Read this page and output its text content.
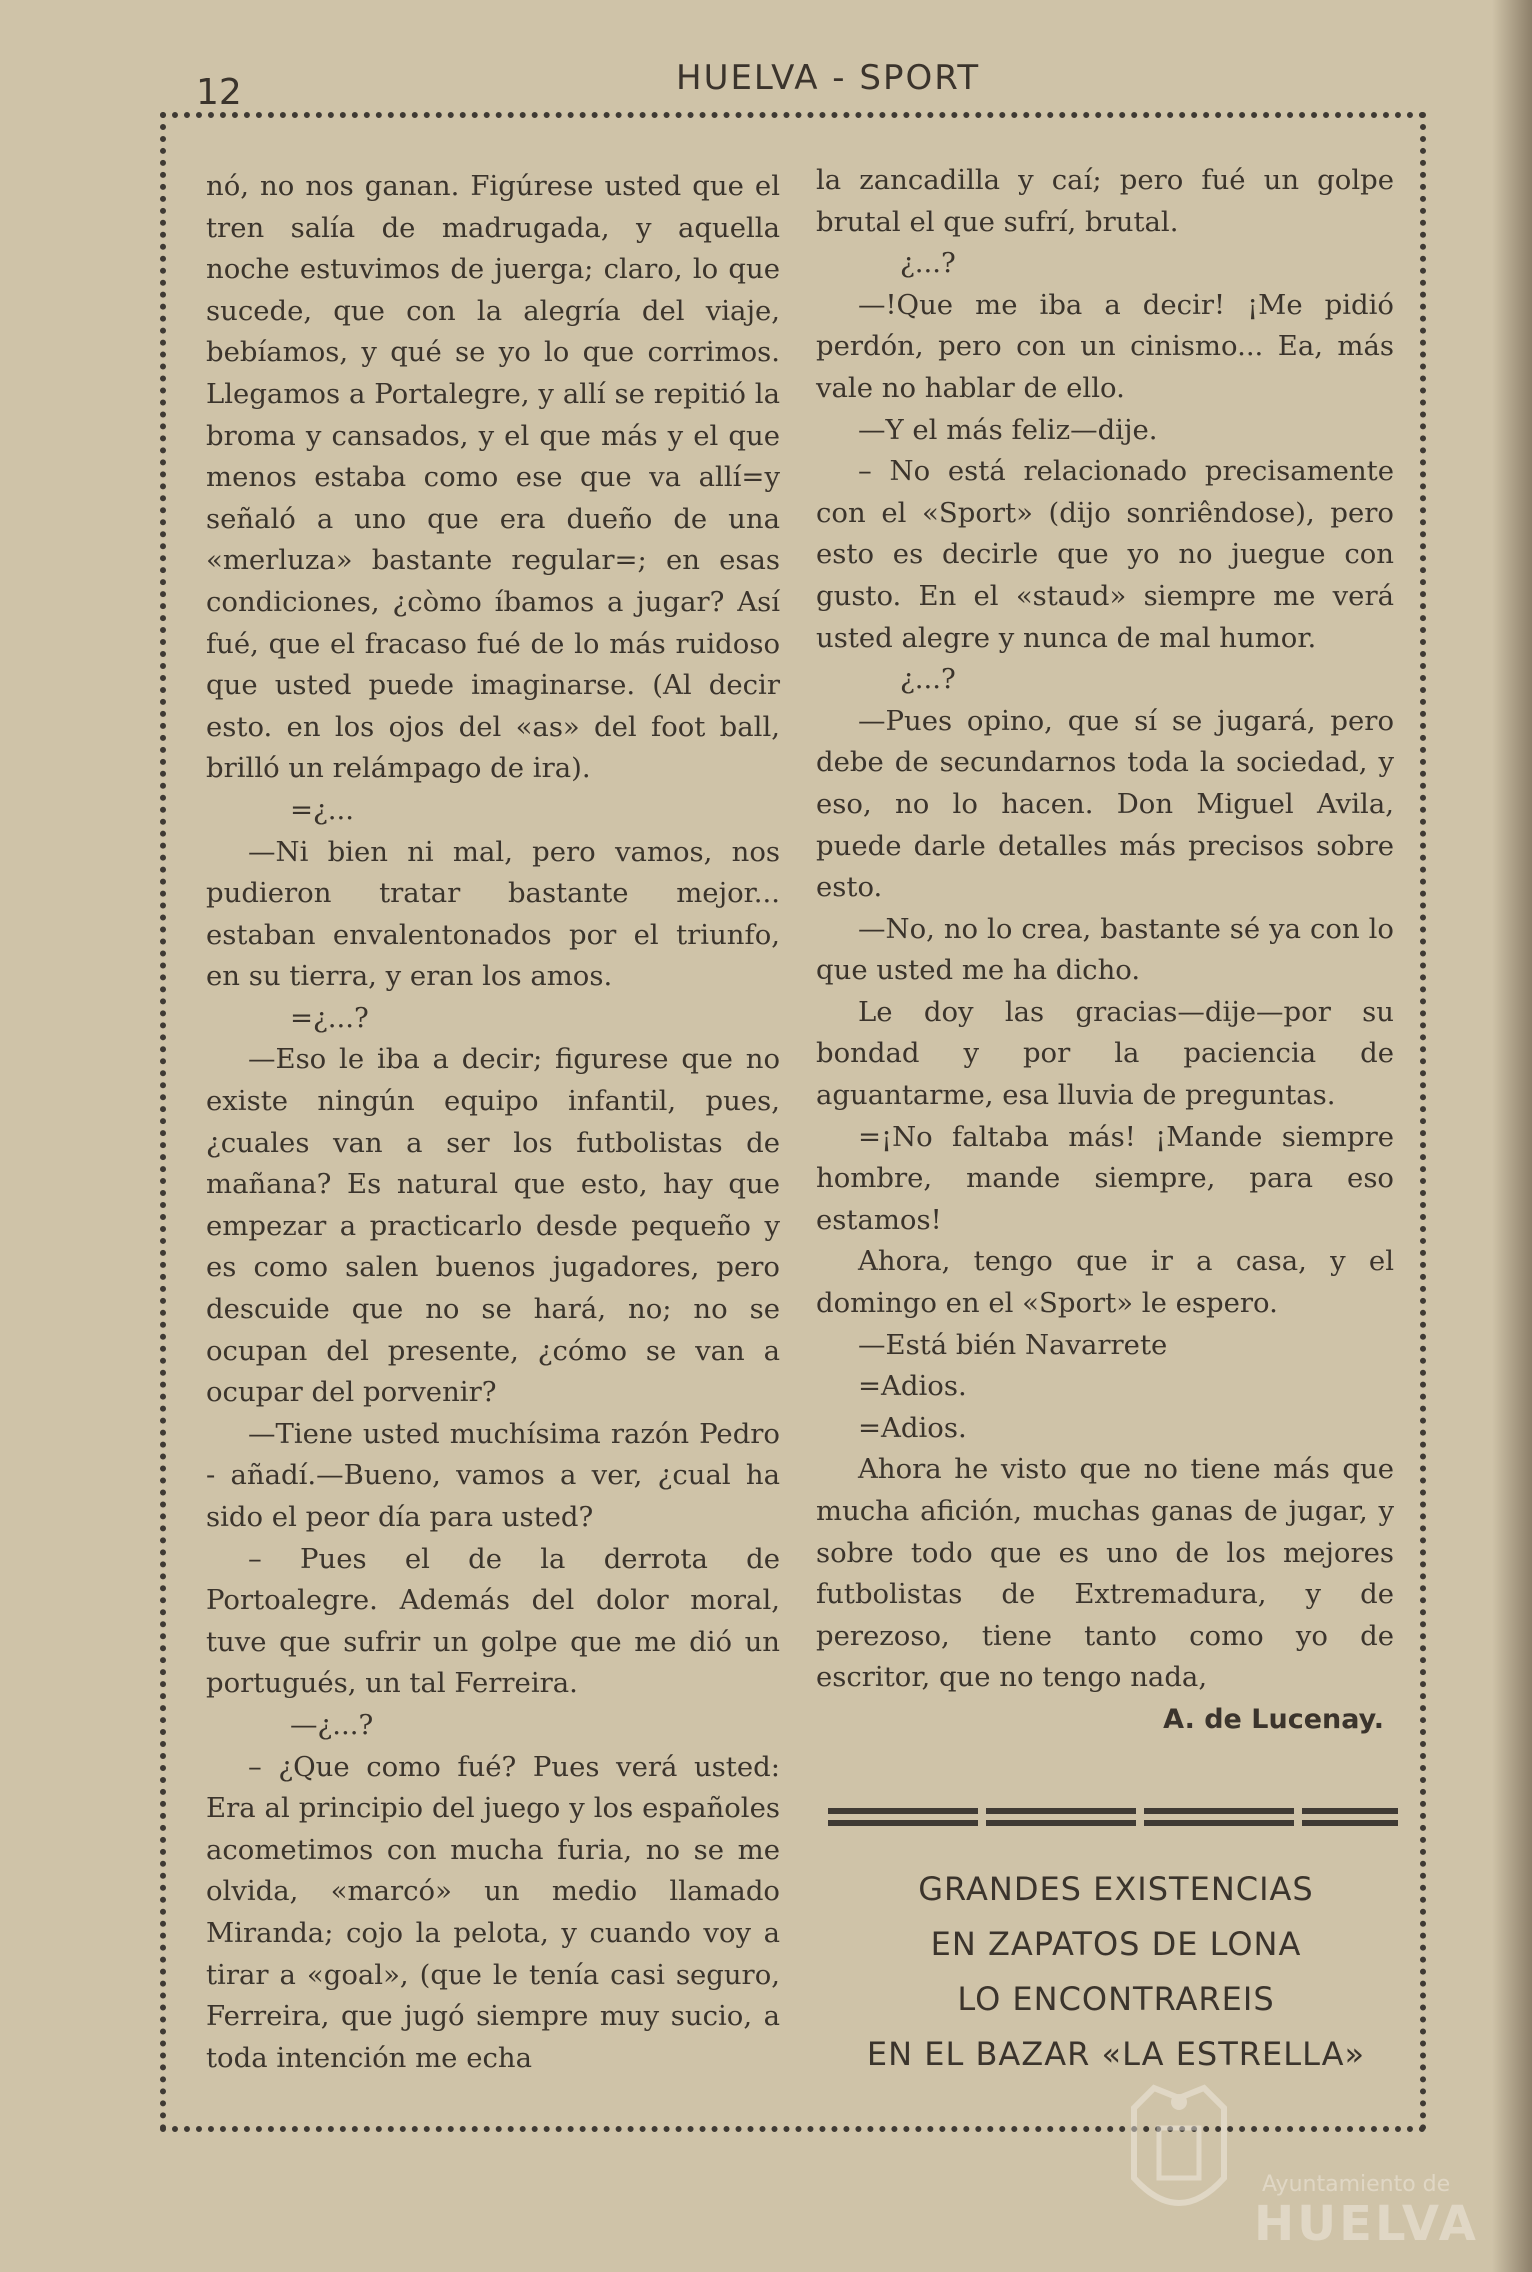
12	HUELVA - SPORT

nó, no nos ganan. Figúrese usted que el tren salía de madrugada, y aquella noche estuvimos de juerga; claro, lo que sucede, que con la alegría del viaje, bebíamos, y qué se yo lo que corrimos. Llegamos a Portalegre, y allí se repitió la broma y cansados, y el que más y el que menos estaba como ese que va allí=y señaló a uno que era dueño de una «merluza» bastante regular=; en esas condiciones, ¿còmo íbamos a jugar? Así fué, que el fracaso fué de lo más ruidoso que usted puede imaginarse. (Al decir esto. en los ojos del «as» del foot ball, brilló un relámpago de ira).

=¿...

—Ni bien ni mal, pero vamos, nos pudieron tratar bastante mejor... estaban envalentonados por el triunfo, en su tierra, y eran los amos.

=¿...?

—Eso le iba a decir; figurese que no existe ningún equipo infantil, pues, ¿cuales van a ser los futbolistas de mañana? Es natural que esto, hay que empezar a practicarlo desde pequeño y es como salen buenos jugadores, pero descuide que no se hará, no; no se ocupan del presente, ¿cómo se van a ocupar del porvenir?

—Tiene usted muchísima razón Pedro - añadí.—Bueno, vamos a ver, ¿cual ha sido el peor día para usted?

– Pues el de la derrota de Portoalegre. Además del dolor moral, tuve que sufrir un golpe que me dió un portugués, un tal Ferreira.

—¿...?

– ¿Que como fué? Pues verá usted: Era al principio del juego y los españoles acometimos con mucha furia, no se me olvida, «marcó» un medio llamado Miranda; cojo la pelota, y cuando voy a tirar a «goal», (que le tenía casi seguro, Ferreira, que jugó siempre muy sucio, a toda intención me echa

la zancadilla y caí; pero fué un golpe brutal el que sufrí, brutal.

¿...?

—!Que me iba a decir! ¡Me pidió perdón, pero con un cinismo... Ea, más vale no hablar de ello.

—Y el más feliz—dije.

– No está relacionado precisamente con el «Sport» (dijo sonriêndose), pero esto es decirle que yo no juegue con gusto. En el «staud» siempre me verá usted alegre y nunca de mal humor.

¿...?

—Pues opino, que sí se jugará, pero debe de secundarnos toda la sociedad, y eso, no lo hacen. Don Miguel Avila, puede darle detalles más precisos sobre esto.

—No, no lo crea, bastante sé ya con lo que usted me ha dicho.

Le doy las gracias—dije—por su bondad y por la paciencia de aguantarme, esa lluvia de preguntas.

=¡No faltaba más! ¡Mande siempre hombre, mande siempre, para eso estamos!

Ahora, tengo que ir a casa, y el domingo en el «Sport» le espero.

—Está bién Navarrete

=Adios.

=Adios.

Ahora he visto que no tiene más que mucha afición, muchas ganas de jugar, y sobre todo que es uno de los mejores futbolistas de Extremadura, y de perezoso, tiene tanto como yo de escritor, que no tengo nada,

A. de Lucenay.

GRANDES EXISTENCIAS
EN ZAPATOS DE LONA
LO ENCONTRAREIS
EN EL BAZAR «LA ESTRELLA»
Ayuntamiento de
HUELVA
